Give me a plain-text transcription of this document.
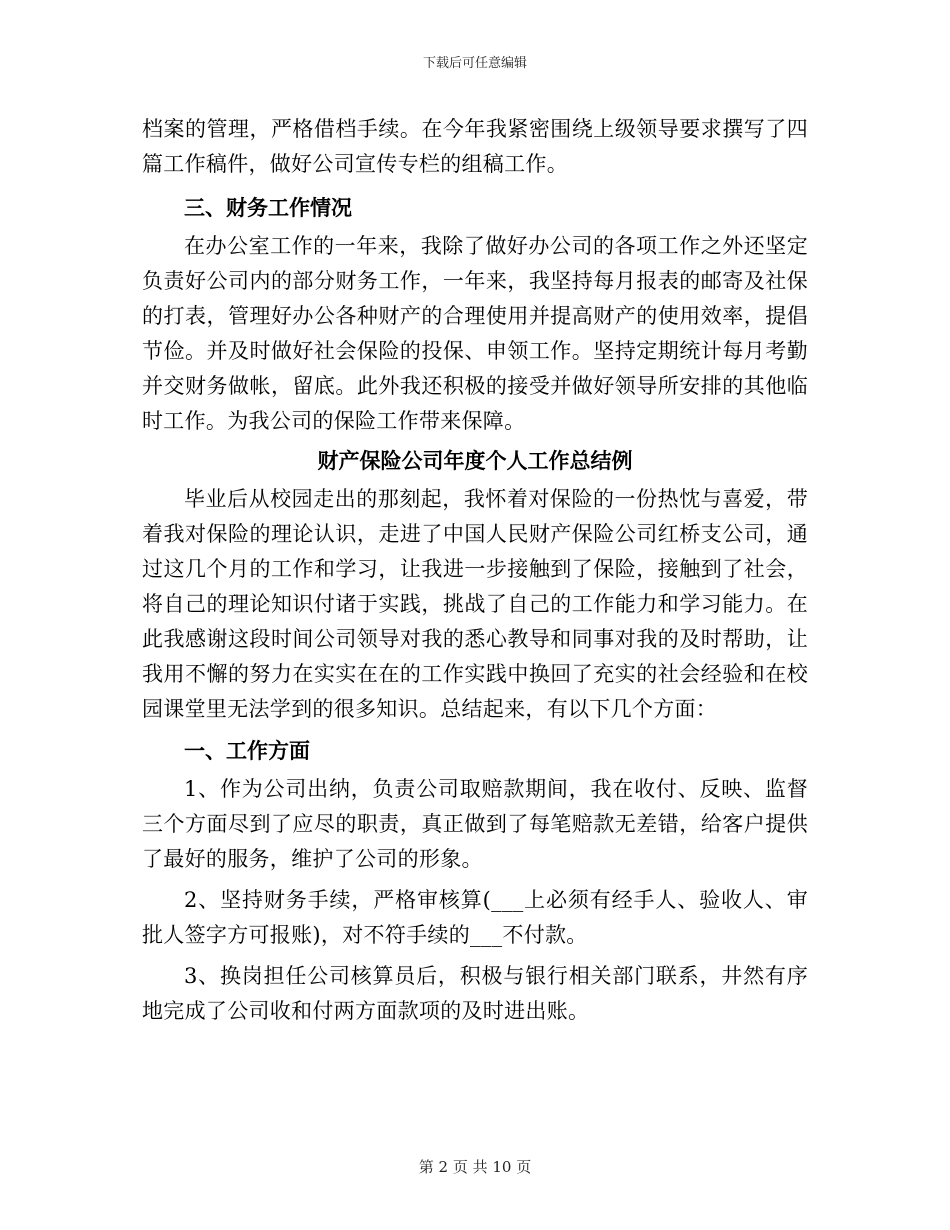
下载后可任意编辑

档案的管理，严格借档手续。在今年我紧密围绕上级领导要求撰写了四篇工作稿件，做好公司宣传专栏的组稿工作。

三、财务工作情况

在办公室工作的一年来，我除了做好办公司的各项工作之外还坚定负责好公司内的部分财务工作，一年来，我坚持每月报表的邮寄及社保的打表，管理好办公各种财产的合理使用并提高财产的使用效率，提倡节俭。并及时做好社会保险的投保、申领工作。坚持定期统计每月考勤并交财务做帐，留底。此外我还积极的接受并做好领导所安排的其他临时工作。为我公司的保险工作带来保障。

财产保险公司年度个人工作总结例

毕业后从校园走出的那刻起，我怀着对保险的一份热忱与喜爱，带着我对保险的理论认识，走进了中国人民财产保险公司红桥支公司，通过这几个月的工作和学习，让我进一步接触到了保险，接触到了社会，将自己的理论知识付诸于实践，挑战了自己的工作能力和学习能力。在此我感谢这段时间公司领导对我的悉心教导和同事对我的及时帮助，让我用不懈的努力在实实在在的工作实践中换回了充实的社会经验和在校园课堂里无法学到的很多知识。总结起来，有以下几个方面：

一、工作方面

1、作为公司出纳，负责公司取赔款期间，我在收付、反映、监督三个方面尽到了应尽的职责，真正做到了每笔赔款无差错，给客户提供了最好的服务，维护了公司的形象。

2、坚持财务手续，严格审核算(___上必须有经手人、验收人、审批人签字方可报账)，对不符手续的___不付款。

3、换岗担任公司核算员后，积极与银行相关部门联系，井然有序地完成了公司收和付两方面款项的及时进出账。

第 2 页 共 10 页
